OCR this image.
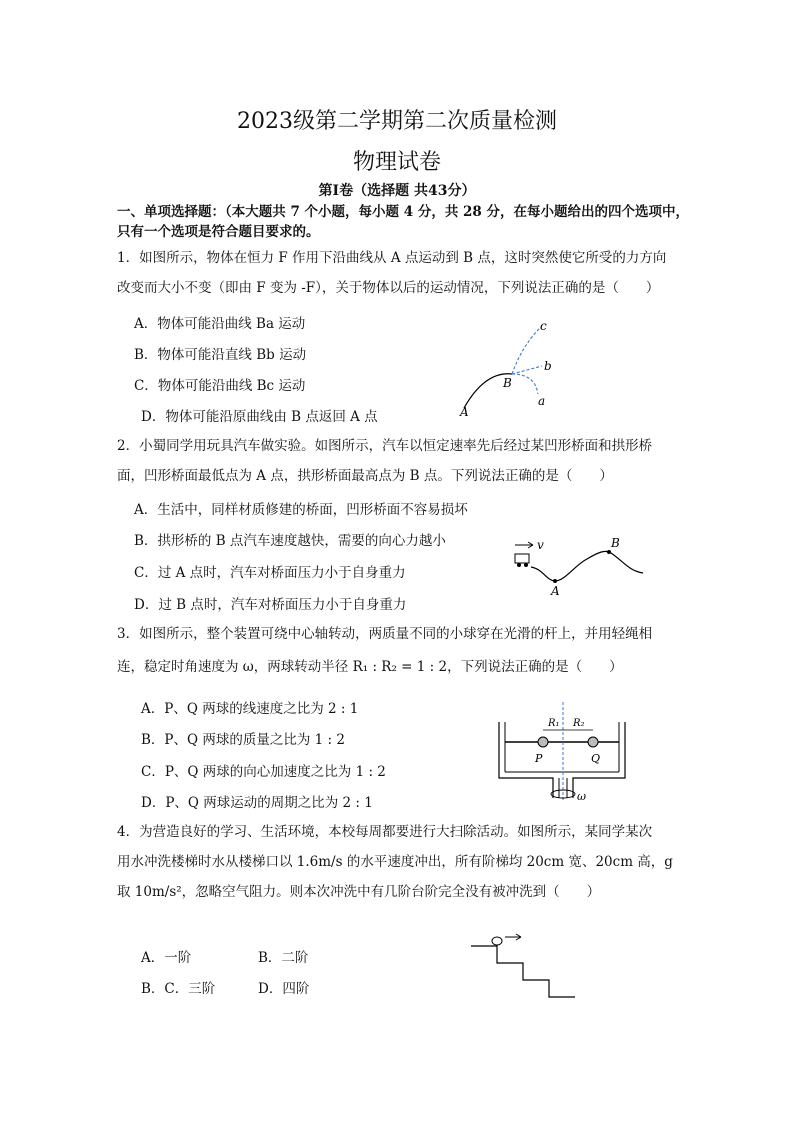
2023级第二学期第二次质量检测
物理试卷
第Ⅰ卷（选择题 共43分）
一、单项选择题：（本大题共 7 个小题，每小题 4 分，共 28 分，在每小题给出的四个选项中，
只有一个选项是符合题目要求的。
1．如图所示，物体在恒力 F 作用下沿曲线从 A 点运动到 B 点，这时突然使它所受的力方向
改变而大小不变（即由 F 变为 -F），关于物体以后的运动情况，下列说法正确的是（　　）
A．物体可能沿曲线 Ba 运动
B．物体可能沿直线 Bb 运动
C．物体可能沿曲线 Bc 运动
D．物体可能沿原曲线由 B 点返回 A 点
c
b
a
B
A
2．小蜀同学用玩具汽车做实验。如图所示，汽车以恒定速率先后经过某凹形桥面和拱形桥
面，凹形桥面最低点为 A 点，拱形桥面最高点为 B 点。下列说法正确的是（　　）
A．生活中，同样材质修建的桥面，凹形桥面不容易损坏
B．拱形桥的 B 点汽车速度越快，需要的向心力越小
C．过 A 点时，汽车对桥面压力小于自身重力
D．过 B 点时，汽车对桥面压力小于自身重力
v
A
B
3．如图所示，整个装置可绕中心轴转动，两质量不同的小球穿在光滑的杆上，并用轻绳相
连，稳定时角速度为 ω，两球转动半径 R₁ : R₂ = 1 : 2，下列说法正确的是（　　）
A．P、Q 两球的线速度之比为 2 : 1
B．P、Q 两球的质量之比为 1 : 2
C．P、Q 两球的向心加速度之比为 1 : 2
D．P、Q 两球运动的周期之比为 2 : 1
R₁ R₂
P	Q
ω
4．为营造良好的学习、生活环境，本校每周都要进行大扫除活动。如图所示，某同学某次
用水冲洗楼梯时水从楼梯口以 1.6m/s 的水平速度冲出，所有阶梯均 20cm 宽、20cm 高，g
取 10m/s²，忽略空气阻力。则本次冲洗中有几阶台阶完全没有被冲洗到（　　）
A．一阶	B．二阶
B．C．三阶	D．四阶
